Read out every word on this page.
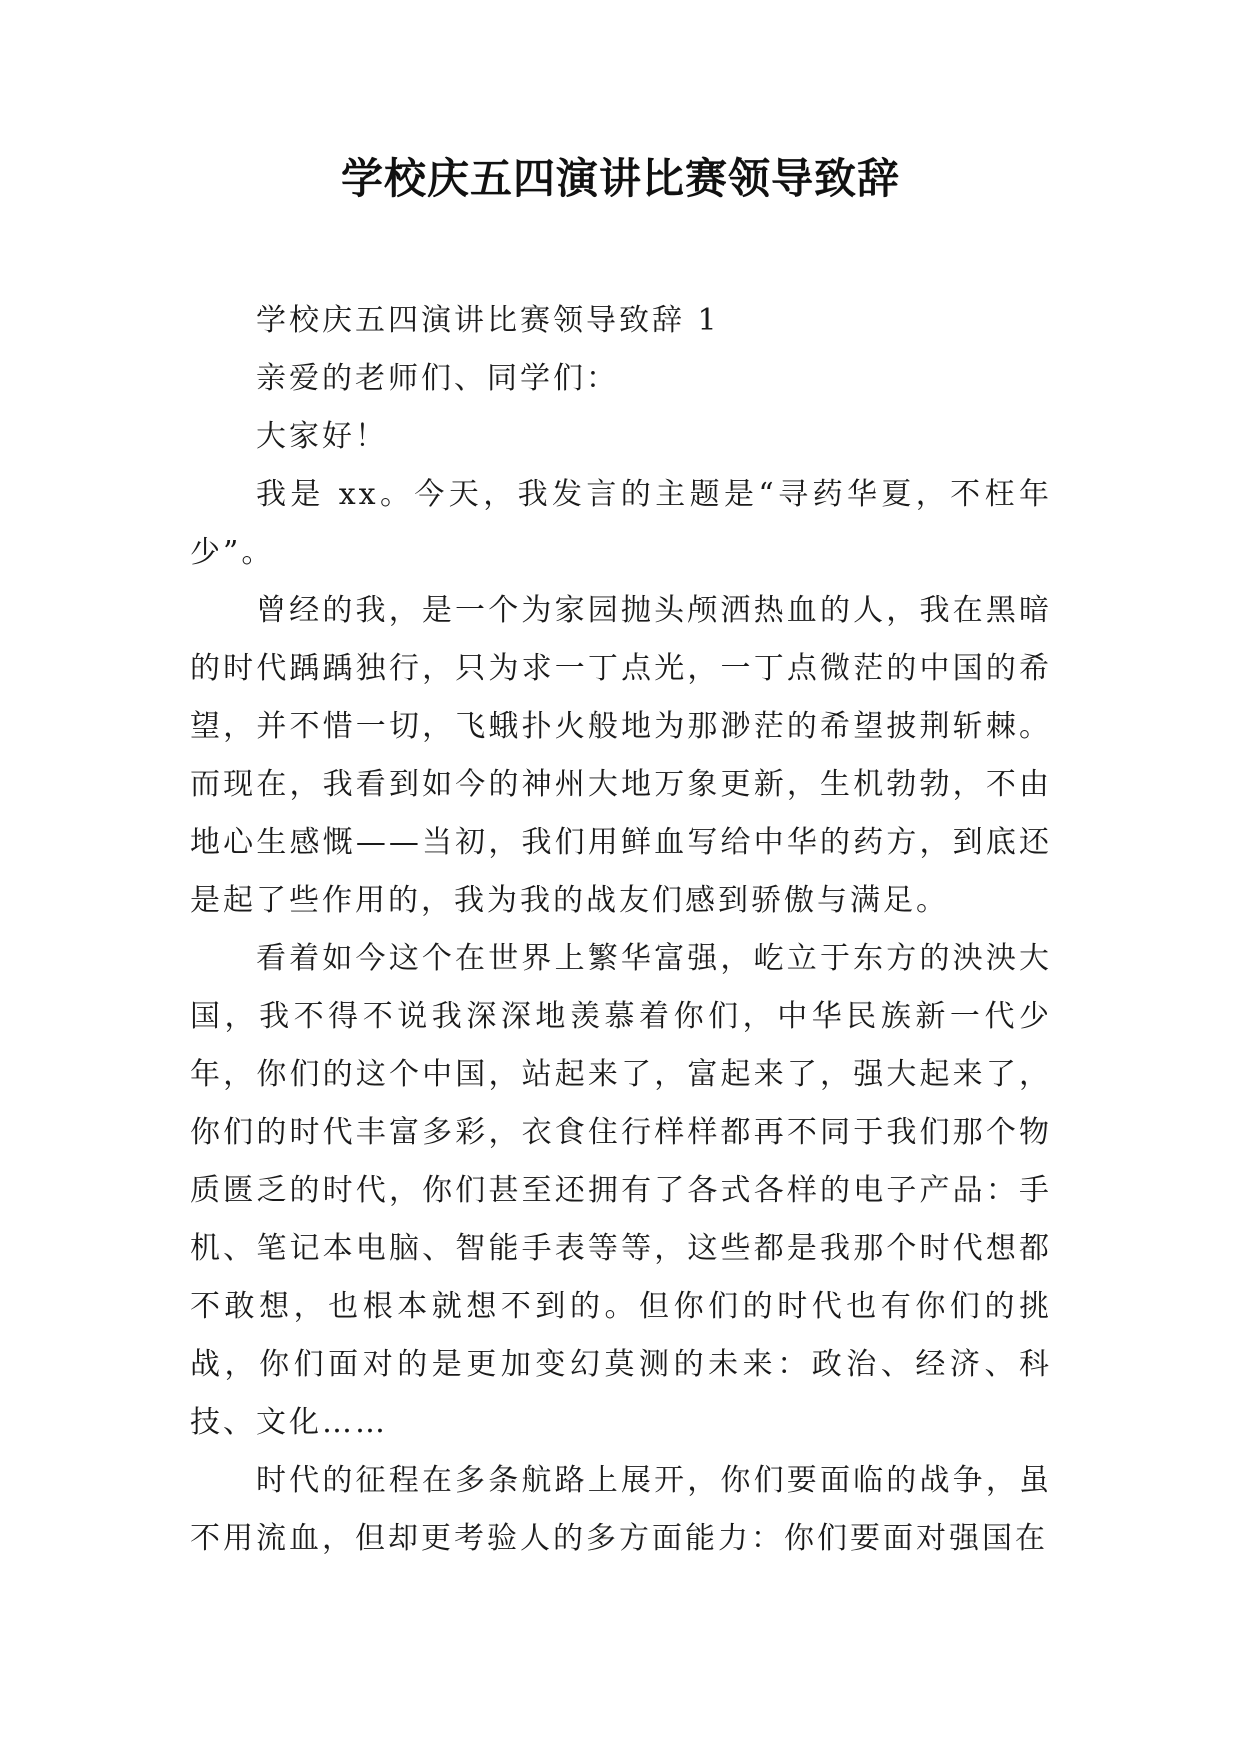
学校庆五四演讲比赛领导致辞

学校庆五四演讲比赛领导致辞 1

亲爱的老师们、同学们：

大家好！

我是 xx。今天，我发言的主题是“寻药华夏，不枉年少”。

曾经的我，是一个为家园抛头颅洒热血的人，我在黑暗的时代踽踽独行，只为求一丁点光，一丁点微茫的中国的希望，并不惜一切，飞蛾扑火般地为那渺茫的希望披荆斩棘。而现在，我看到如今的神州大地万象更新，生机勃勃，不由地心生感慨——当初，我们用鲜血写给中华的药方，到底还是起了些作用的，我为我的战友们感到骄傲与满足。

看着如今这个在世界上繁华富强，屹立于东方的泱泱大国，我不得不说我深深地羡慕着你们，中华民族新一代少年，你们的这个中国，站起来了，富起来了，强大起来了，你们的时代丰富多彩，衣食住行样样都再不同于我们那个物质匮乏的时代，你们甚至还拥有了各式各样的电子产品：手机、笔记本电脑、智能手表等等，这些都是我那个时代想都不敢想，也根本就想不到的。但你们的时代也有你们的挑战，你们面对的是更加变幻莫测的未来：政治、经济、科技、文化……

时代的征程在多条航路上展开，你们要面临的战争，虽不用流血，但却更考验人的多方面能力：你们要面对强国在
